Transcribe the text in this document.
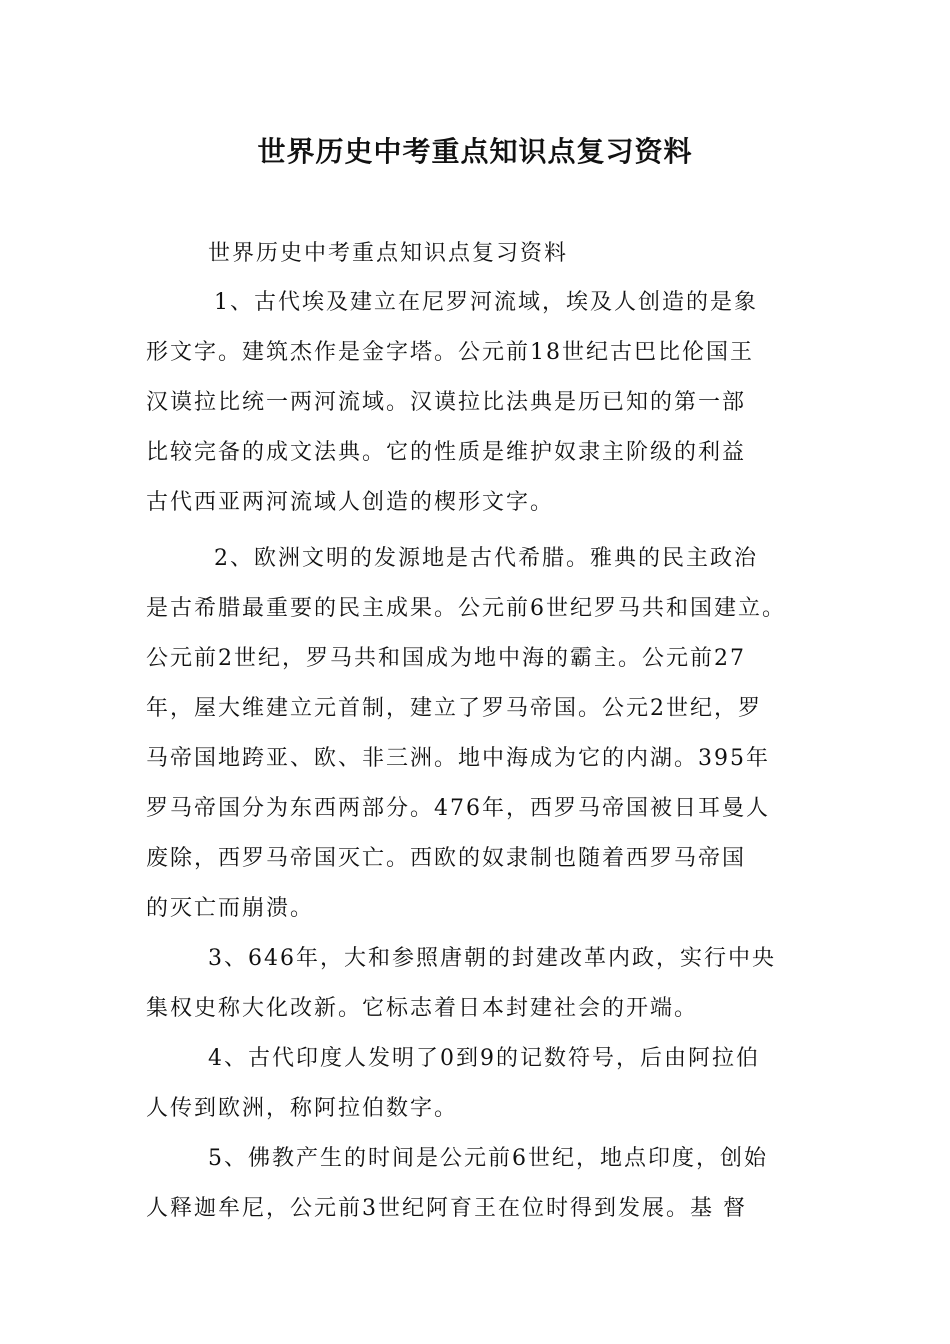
世界历史中考重点知识点复习资料
世界历史中考重点知识点复习资料
1、古代埃及建立在尼罗河流域，埃及人创造的是象
形文字。建筑杰作是金字塔。公元前18世纪古巴比伦国王
汉谟拉比统一两河流域。汉谟拉比法典是历已知的第一部
比较完备的成文法典。它的性质是维护奴隶主阶级的利益
古代西亚两河流域人创造的楔形文字。
2、欧洲文明的发源地是古代希腊。雅典的民主政治
是古希腊最重要的民主成果。公元前6世纪罗马共和国建立。
公元前2世纪，罗马共和国成为地中海的霸主。公元前27
年，屋大维建立元首制，建立了罗马帝国。公元2世纪，罗
马帝国地跨亚、欧、非三洲。地中海成为它的内湖。395年
罗马帝国分为东西两部分。476年，西罗马帝国被日耳曼人
废除，西罗马帝国灭亡。西欧的奴隶制也随着西罗马帝国
的灭亡而崩溃。
3、646年，大和参照唐朝的封建改革内政，实行中央
集权史称大化改新。它标志着日本封建社会的开端。
4、古代印度人发明了0到9的记数符号，后由阿拉伯
人传到欧洲，称阿拉伯数字。
5、佛教产生的时间是公元前6世纪，地点印度，创始
人释迦牟尼，公元前3世纪阿育王在位时得到发展。基 督
